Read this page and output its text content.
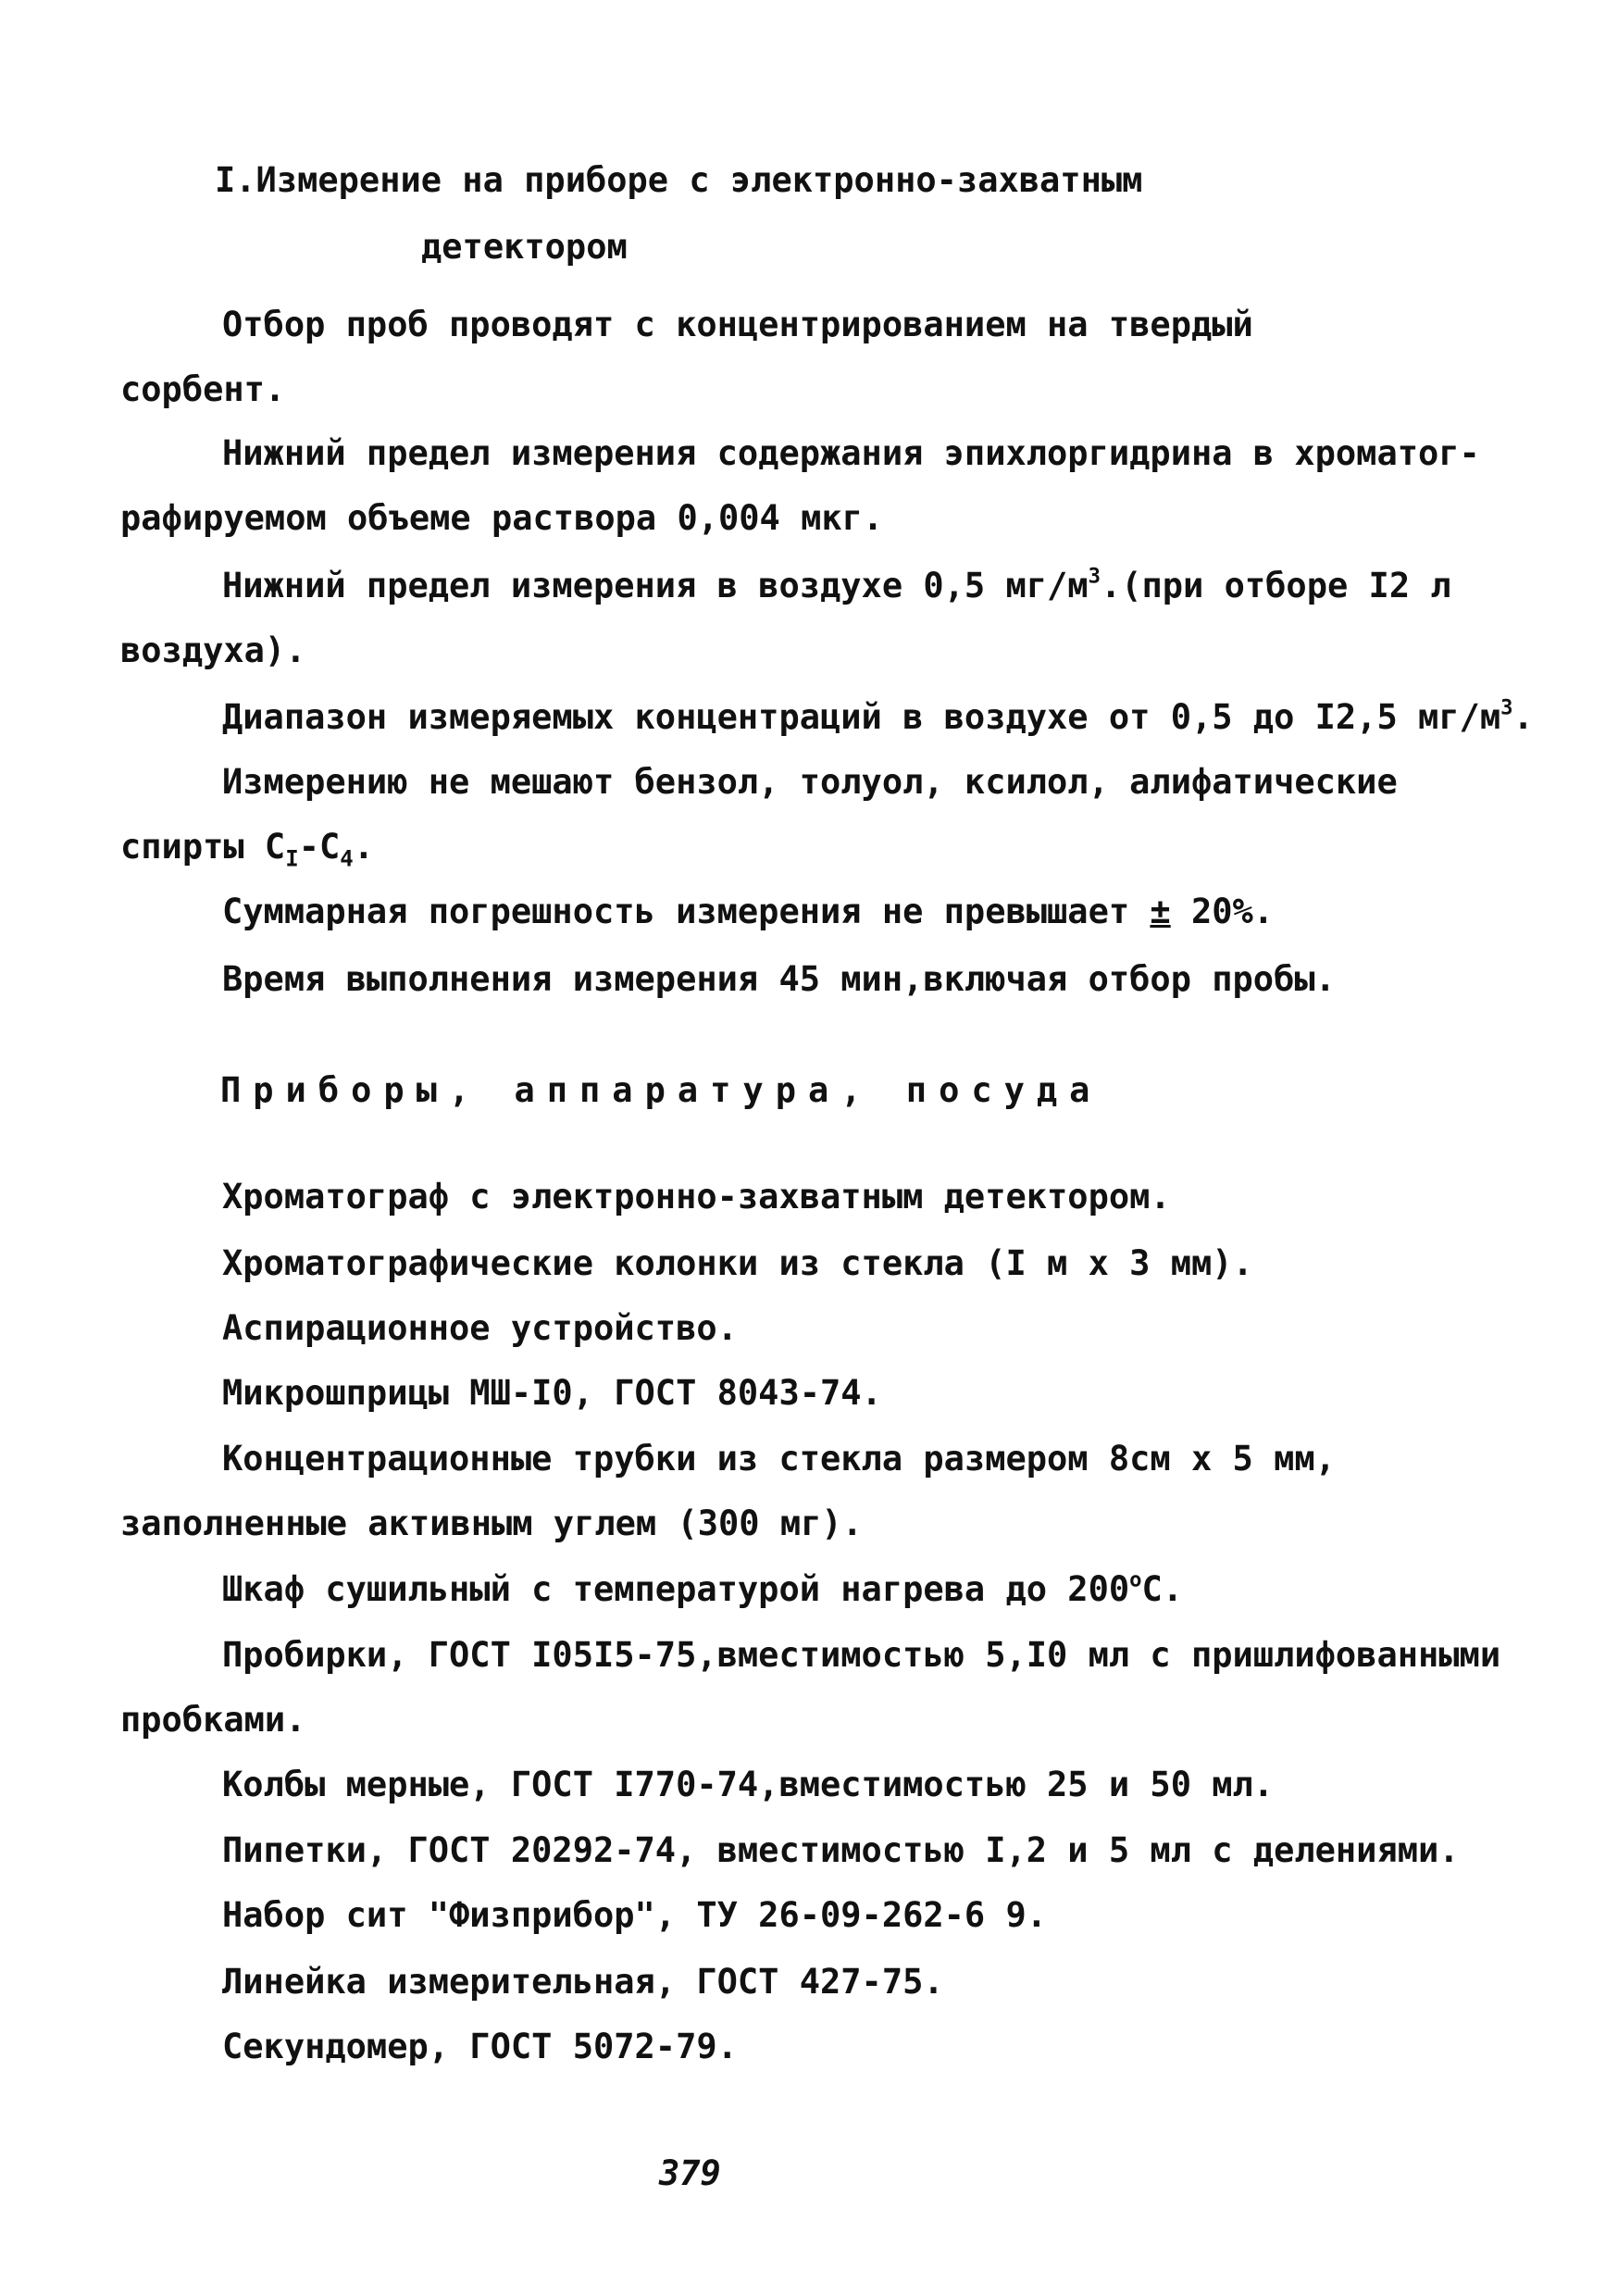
I.Измерение на приборе с электронно-захватным
детектором
Отбор проб проводят с концентрированием на твердый
сорбент.
Нижний предел измерения содержания эпихлоргидрина в хроматог-
рафируемом объеме раствора 0,004 мкг.
Нижний предел измерения в воздухе 0,5 $мг/м^3.(при$ отборе I2 л
воздуха).
Диапазон измеряемых концентраций в воздухе от 0,5 до I2,5 $мг/м^3$.
Измерению не мешают бензол, толуол, ксилол, алифатические
спирты $С_I-С_4$.
Суммарная погрешность измерения не превышает ± 20%.
Время выполнения измерения 45 мин,включая отбор пробы.
Приборы, аппаратура, посуда
Хроматограф с электронно-захватным детектором.
Хроматографические колонки из стекла (I м х 3 мм).
Аспирационное устройство.
Микрошприцы МШ-I0, ГОСТ 8043-74.
Концентрационные трубки из стекла размером 8см х 5 мм,
заполненные активным углем (300 мг).
Шкаф сушильный с температурой нагрева до $200^оС$.
Пробирки, ГОСТ I05I5-75,вместимостью 5,I0 мл с пришлифованными
пробками.
Колбы мерные, ГОСТ I770-74,вместимостью 25 и 50 мл.
Пипетки, ГОСТ 20292-74, вместимостью I,2 и 5 мл с делениями.
Набор сит "Физприбор", ТУ 26-09-262-6 9.
Линейка измерительная, ГОСТ 427-75.
Секундомер, ГОСТ 5072-79.
379
